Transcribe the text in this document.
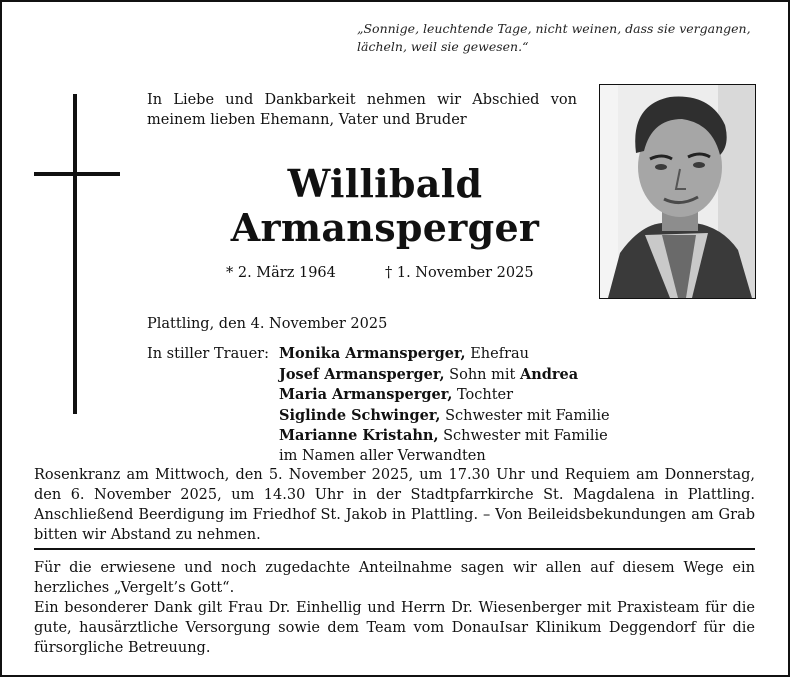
„Sonnige, leuchtende Tage, nicht weinen, dass sie vergangen,
lächeln, weil sie gewesen.“
In Liebe und Dankbarkeit nehmen wir Abschied von meinem lieben Ehemann, Vater und Bruder
Willibald
Armansperger
* 2. März 1964	† 1. November 2025
Plattling, den 4. November 2025
In stiller Trauer: Monika Armansperger, Ehefrau
Josef Armansperger, Sohn mit Andrea
Maria Armansperger, Tochter
Siglinde Schwinger, Schwester mit Familie
Marianne Kristahn, Schwester mit Familie
im Namen aller Verwandten
Rosenkranz am Mittwoch, den 5. November 2025, um 17.30 Uhr und Requiem am Donnerstag, den 6. November 2025, um 14.30 Uhr in der Stadtpfarrkirche St. Magdalena in Plattling. Anschließend Beerdigung im Friedhof St. Jakob in Plattling. – Von Beileidsbekundungen am Grab bitten wir Abstand zu nehmen.
Für die erwiesene und noch zugedachte Anteilnahme sagen wir allen auf diesem Wege ein herzliches „Vergelt’s Gott“.
Ein besonderer Dank gilt Frau Dr. Einhellig und Herrn Dr. Wiesenberger mit Praxisteam für die gute, hausärztliche Versorgung sowie dem Team vom DonauIsar Klinikum Deggendorf für die fürsorgliche Betreuung.
